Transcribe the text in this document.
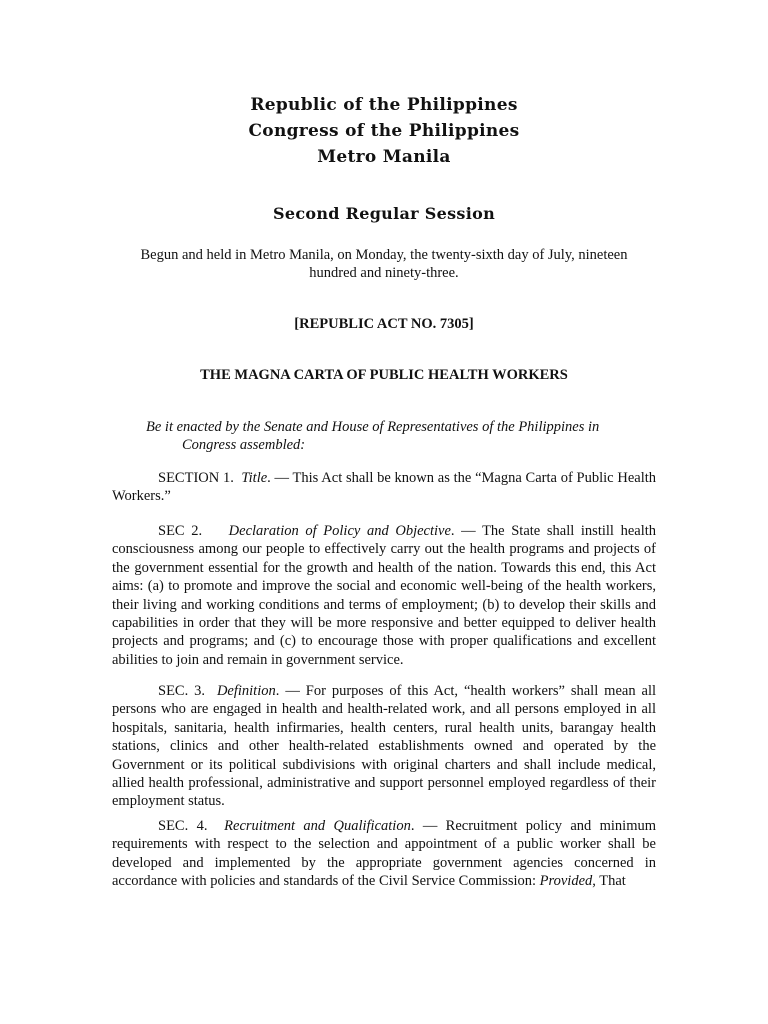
Republic of the Philippines
Congress of the Philippines
Metro Manila
Second Regular Session
Begun and held in Metro Manila, on Monday, the twenty-sixth day of July, nineteen hundred and ninety-three.
[REPUBLIC ACT NO. 7305]
THE MAGNA CARTA OF PUBLIC HEALTH WORKERS
Be it enacted by the Senate and House of Representatives of the Philippines in
Congress assembled:
SECTION 1. Title. — This Act shall be known as the “Magna Carta of Public Health Workers.”
SEC 2. Declaration of Policy and Objective. — The State shall instill health consciousness among our people to effectively carry out the health programs and projects of the government essential for the growth and health of the nation. Towards this end, this Act aims: (a) to promote and improve the social and economic well-being of the health workers, their living and working conditions and terms of employment; (b) to develop their skills and capabilities in order that they will be more responsive and better equipped to deliver health projects and programs; and (c) to encourage those with proper qualifications and excellent abilities to join and remain in government service.
SEC. 3. Definition. — For purposes of this Act, “health workers” shall mean all persons who are engaged in health and health-related work, and all persons employed in all hospitals, sanitaria, health infirmaries, health centers, rural health units, barangay health stations, clinics and other health-related establishments owned and operated by the Government or its political subdivisions with original charters and shall include medical, allied health professional, administrative and support personnel employed regardless of their employment status.
SEC. 4. Recruitment and Qualification. — Recruitment policy and minimum requirements with respect to the selection and appointment of a public worker shall be developed and implemented by the appropriate government agencies concerned in accordance with policies and standards of the Civil Service Commission: Provided, That
